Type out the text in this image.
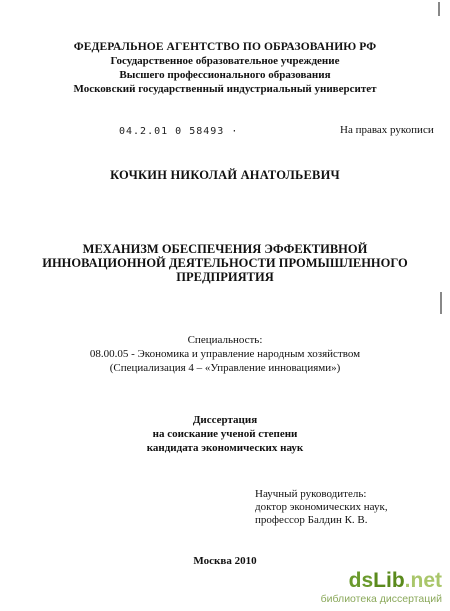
ФЕДЕРАЛЬНОЕ АГЕНТСТВО ПО ОБРАЗОВАНИЮ РФ
Государственное образовательное учреждение
Высшего профессионального образования
Московский государственный индустриальный университет
04.2.01 0 58493 ·	На правах рукописи
КОЧКИН НИКОЛАЙ АНАТОЛЬЕВИЧ
МЕХАНИЗМ ОБЕСПЕЧЕНИЯ ЭФФЕКТИВНОЙ
ИННОВАЦИОННОЙ ДЕЯТЕЛЬНОСТИ ПРОМЫШЛЕННОГО
ПРЕДПРИЯТИЯ
Специальность:
08.00.05 - Экономика и управление народным хозяйством
(Специализация 4 – «Управление инновациями»)
Диссертация
на соискание ученой степени
кандидата экономических наук
Научный руководитель:
доктор экономических наук,
профессор Балдин К. В.
Москва 2010
dsLib.net
библиотека диссертаций
